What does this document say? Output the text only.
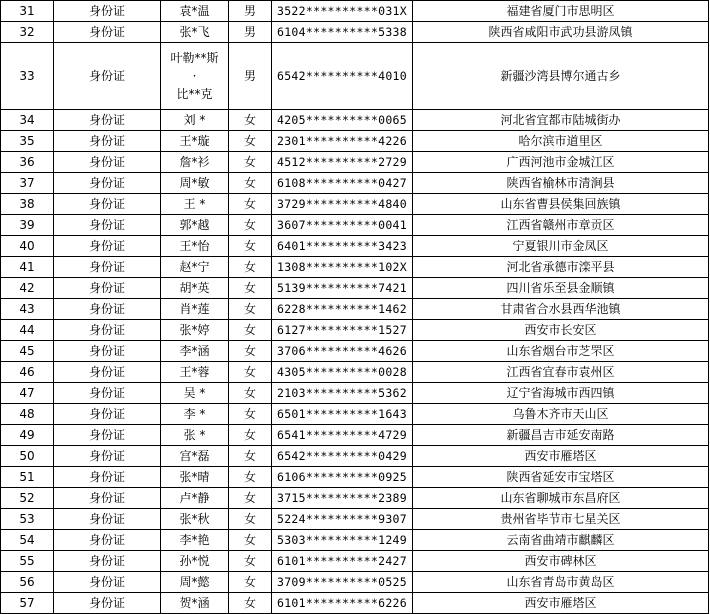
31	身份证	袁*温	男	3522**********031X	福建省厦门市思明区
32	身份证	张*飞	男	6104**********5338	陕西省咸阳市武功县游凤镇
33	身份证	叶勒**斯
·
比**克	男	6542**********4010	新疆沙湾县博尔通古乡
34	身份证	刘 *	女	4205**********0065	河北省宜都市陆城街办
35	身份证	王*璇	女	2301**********4226	哈尔滨市道里区
36	身份证	詹*衫	女	4512**********2729	广西河池市金城江区
37	身份证	周*敏	女	6108**********0427	陕西省榆林市清涧县
38	身份证	王 *	女	3729**********4840	山东省曹县侯集回族镇
39	身份证	郭*越	女	3607**********0041	江西省赣州市章贡区
40	身份证	王*怡	女	6401**********3423	宁夏银川市金凤区
41	身份证	赵*宁	女	1308**********102X	河北省承德市滦平县
42	身份证	胡*英	女	5139**********7421	四川省乐至县金顺镇
43	身份证	肖*莲	女	6228**********1462	甘肃省合水县西华池镇
44	身份证	张*婷	女	6127**********1527	西安市长安区
45	身份证	李*涵	女	3706**********4626	山东省烟台市芝罘区
46	身份证	王*蓉	女	4305**********0028	江西省宜春市袁州区
47	身份证	吴 *	女	2103**********5362	辽宁省海城市西四镇
48	身份证	李 *	女	6501**********1643	乌鲁木齐市天山区
49	身份证	张 *	女	6541**********4729	新疆昌吉市延安南路
50	身份证	宫*磊	女	6542**********0429	西安市雁塔区
51	身份证	张*晴	女	6106**********0925	陕西省延安市宝塔区
52	身份证	卢*静	女	3715**********2389	山东省聊城市东昌府区
53	身份证	张*秋	女	5224**********9307	贵州省毕节市七星关区
54	身份证	李*艳	女	5303**********1249	云南省曲靖市麒麟区
55	身份证	孙*悦	女	6101**********2427	西安市碑林区
56	身份证	周*懿	女	3709**********0525	山东省青岛市黄岛区
57	身份证	贺*涵	女	6101**********6226	西安市雁塔区
